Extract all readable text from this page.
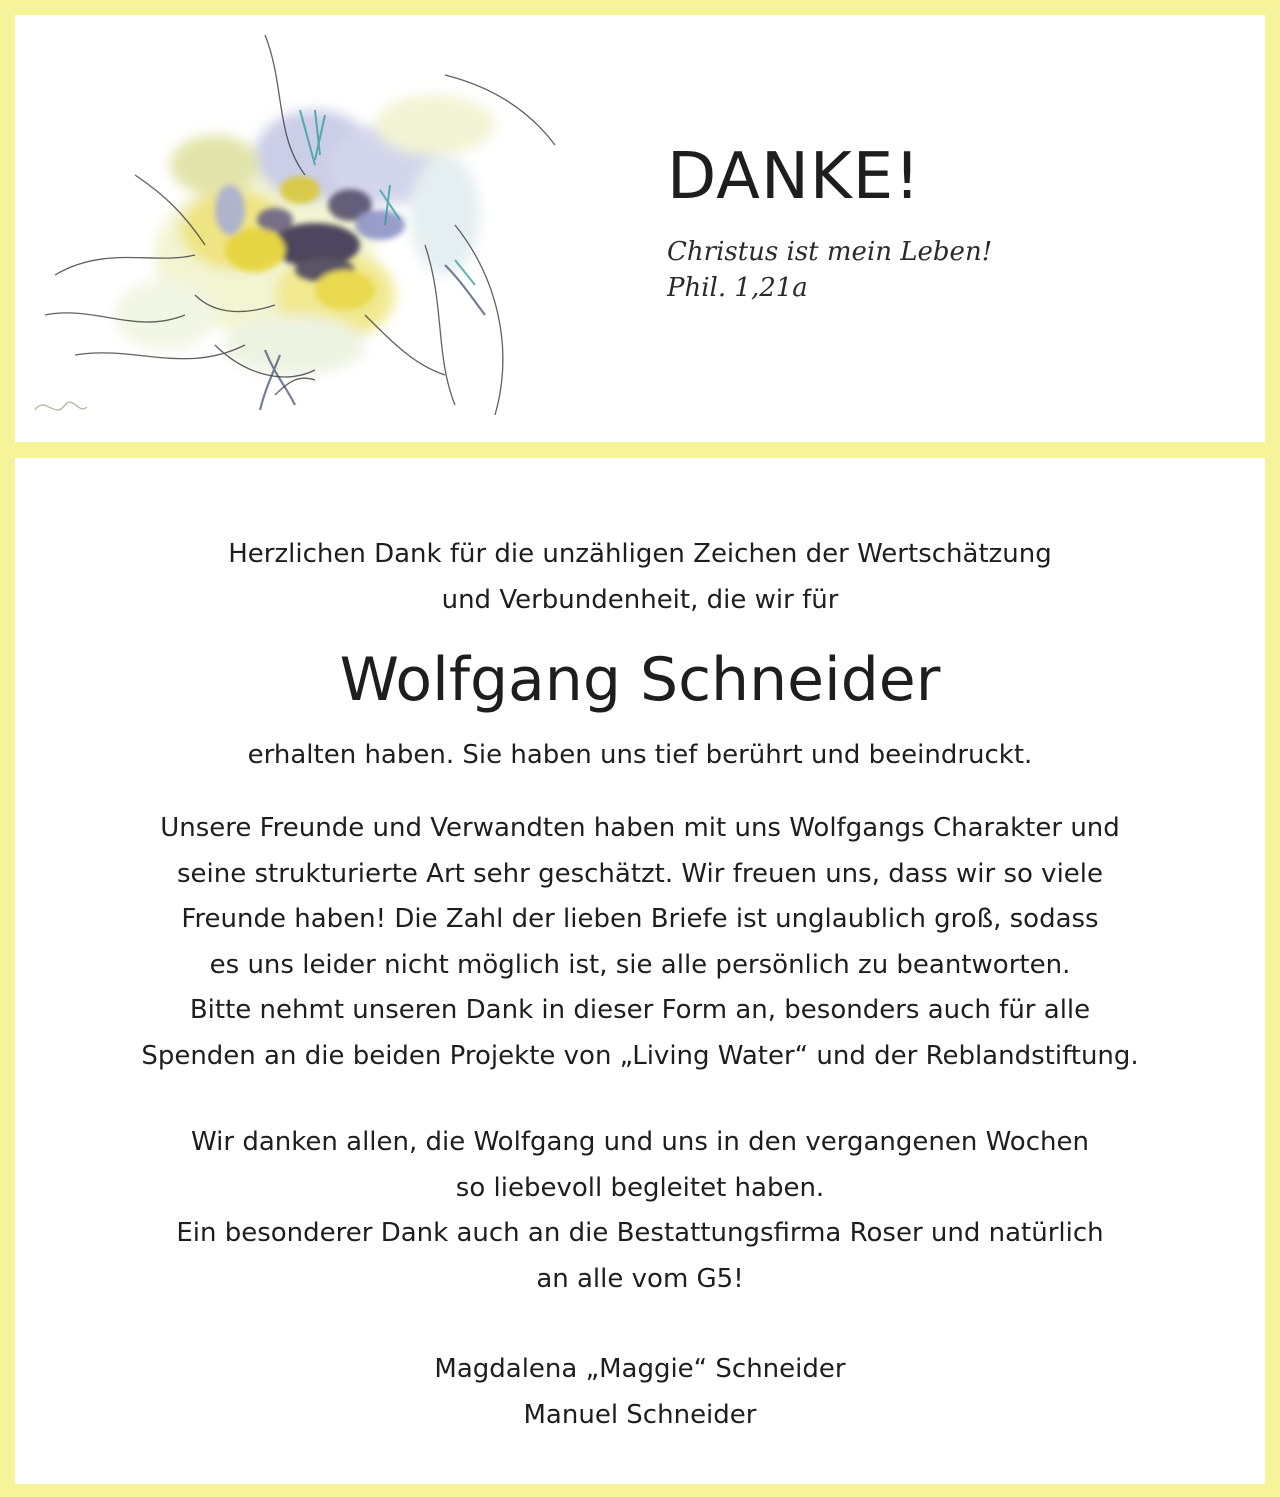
DANKE!

Christus ist mein Leben!

Phil. 1,21a

Herzlichen Dank für die unzähligen Zeichen der Wertschätzung
und Verbundenheit, die wir für

Wolfgang Schneider

erhalten haben. Sie haben uns tief berührt und beeindruckt.

Unsere Freunde und Verwandten haben mit uns Wolfgangs Charakter und
seine strukturierte Art sehr geschätzt. Wir freuen uns, dass wir so viele
Freunde haben! Die Zahl der lieben Briefe ist unglaublich groß, sodass
es uns leider nicht möglich ist, sie alle persönlich zu beantworten.
Bitte nehmt unseren Dank in dieser Form an, besonders auch für alle
Spenden an die beiden Projekte von „Living Water“ und der Reblandstiftung.

Wir danken allen, die Wolfgang und uns in den vergangenen Wochen
so liebevoll begleitet haben.
Ein besonderer Dank auch an die Bestattungsfirma Roser und natürlich
an alle vom G5!

Magdalena „Maggie“ Schneider
Manuel Schneider
